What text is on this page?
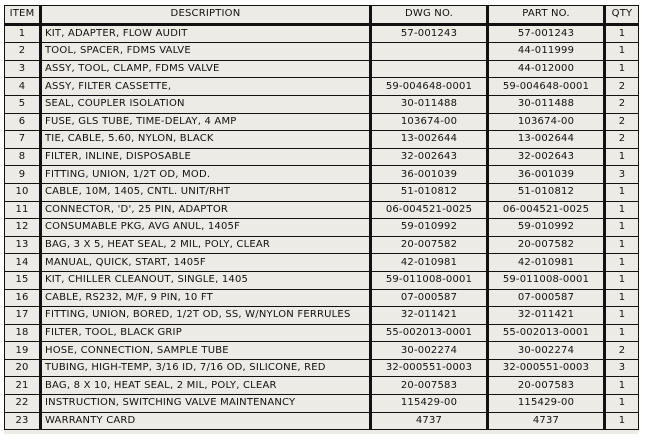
ITEM	DESCRIPTION	DWG NO.	PART NO.	QTY
1	KIT, ADAPTER, FLOW AUDIT	57-001243	57-001243	1
2	TOOL, SPACER, FDMS VALVE		44-011999	1
3	ASSY, TOOL, CLAMP, FDMS VALVE		44-012000	1
4	ASSY, FILTER CASSETTE,	59-004648-0001	59-004648-0001	2
5	SEAL, COUPLER ISOLATION	30-011488	30-011488	2
6	FUSE, GLS TUBE, TIME-DELAY, 4 AMP	103674-00	103674-00	2
7	TIE, CABLE, 5.60, NYLON, BLACK	13-002644	13-002644	2
8	FILTER, INLINE, DISPOSABLE	32-002643	32-002643	1
9	FITTING, UNION, 1/2T OD, MOD.	36-001039	36-001039	3
10	CABLE, 10M, 1405, CNTL. UNIT/RHT	51-010812	51-010812	1
11	CONNECTOR, 'D', 25 PIN, ADAPTOR	06-004521-0025	06-004521-0025	1
12	CONSUMABLE PKG, AVG ANUL, 1405F	59-010992	59-010992	1
13	BAG, 3 X 5, HEAT SEAL, 2 MIL, POLY, CLEAR	20-007582	20-007582	1
14	MANUAL, QUICK, START, 1405F	42-010981	42-010981	1
15	KIT, CHILLER CLEANOUT, SINGLE, 1405	59-011008-0001	59-011008-0001	1
16	CABLE, RS232, M/F, 9 PIN, 10 FT	07-000587	07-000587	1
17	FITTING, UNION, BORED, 1/2T OD, SS, W/NYLON FERRULES	32-011421	32-011421	1
18	FILTER, TOOL, BLACK GRIP	55-002013-0001	55-002013-0001	1
19	HOSE, CONNECTION, SAMPLE TUBE	30-002274	30-002274	2
20	TUBING, HIGH-TEMP, 3/16 ID, 7/16 OD, SILICONE, RED	32-000551-0003	32-000551-0003	3
21	BAG, 8 X 10, HEAT SEAL, 2 MIL, POLY, CLEAR	20-007583	20-007583	1
22	INSTRUCTION, SWITCHING VALVE MAINTENANCY	115429-00	115429-00	1
23	WARRANTY CARD	4737	4737	1
